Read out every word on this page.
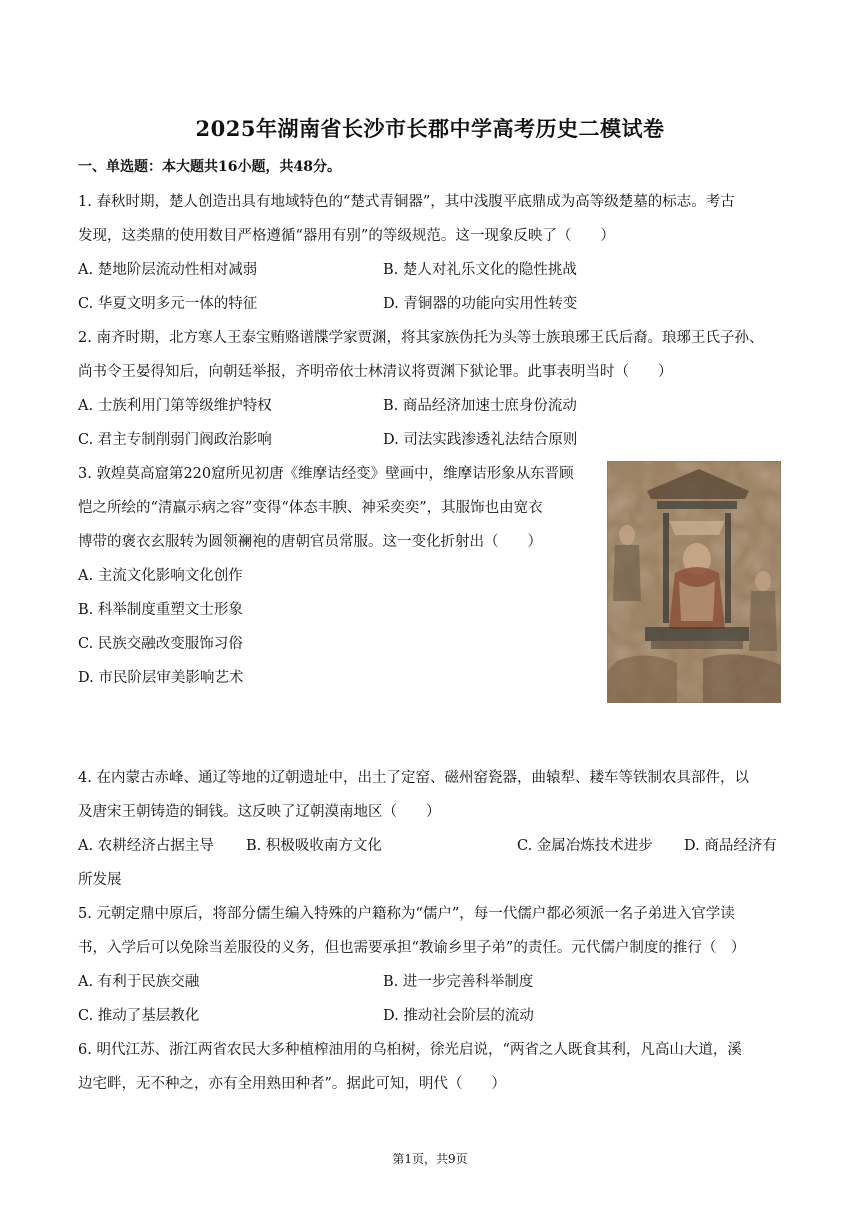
2025年湖南省长沙市长郡中学高考历史二模试卷
一、单选题：本大题共16小题，共48分。
1. 春秋时期，楚人创造出具有地域特色的“楚式青铜器”，其中浅腹平底鼎成为高等级楚墓的标志。考古
发现，这类鼎的使用数目严格遵循“器用有别”的等级规范。这一现象反映了（　　）
A. 楚地阶层流动性相对减弱	B. 楚人对礼乐文化的隐性挑战
C. 华夏文明多元一体的特征	D. 青铜器的功能向实用性转变
2. 南齐时期，北方寒人王泰宝贿赂谱牒学家贾渊，将其家族伪托为头等士族琅琊王氏后裔。琅琊王氏子孙、
尚书令王晏得知后，向朝廷举报，齐明帝依士林清议将贾渊下狱论罪。此事表明当时（　　）
A. 士族利用门第等级维护特权	B. 商品经济加速士庶身份流动
C. 君主专制削弱门阀政治影响	D. 司法实践渗透礼法结合原则
3. 敦煌莫高窟第220窟所见初唐《维摩诘经变》壁画中，维摩诘形象从东晋顾
恺之所绘的“清羸示病之容”变得“体态丰腴、神采奕奕”，其服饰也由宽衣
博带的褒衣玄服转为圆领襕袍的唐朝官员常服。这一变化折射出（　　）
A. 主流文化影响文化创作
B. 科举制度重塑文士形象
C. 民族交融改变服饰习俗
D. 市民阶层审美影响艺术
4. 在内蒙古赤峰、通辽等地的辽朝遗址中，出土了定窑、磁州窑瓷器，曲辕犁、耧车等铁制农具部件，以
及唐宋王朝铸造的铜钱。这反映了辽朝漠南地区（　　）
A. 农耕经济占据主导 B. 积极吸收南方文化	C. 金属冶炼技术进步 D. 商品经济有
所发展
5. 元朝定鼎中原后，将部分儒生编入特殊的户籍称为“儒户”，每一代儒户都必须派一名子弟进入官学读
书，入学后可以免除当差服役的义务，但也需要承担“教谕乡里子弟”的责任。元代儒户制度的推行（　）
A. 有利于民族交融	B. 进一步完善科举制度
C. 推动了基层教化	D. 推动社会阶层的流动
6. 明代江苏、浙江两省农民大多种植榨油用的乌桕树，徐光启说，“两省之人既食其利，凡高山大道，溪
边宅畔，无不种之，亦有全用熟田种者”。据此可知，明代（　　）
第1页，共9页
